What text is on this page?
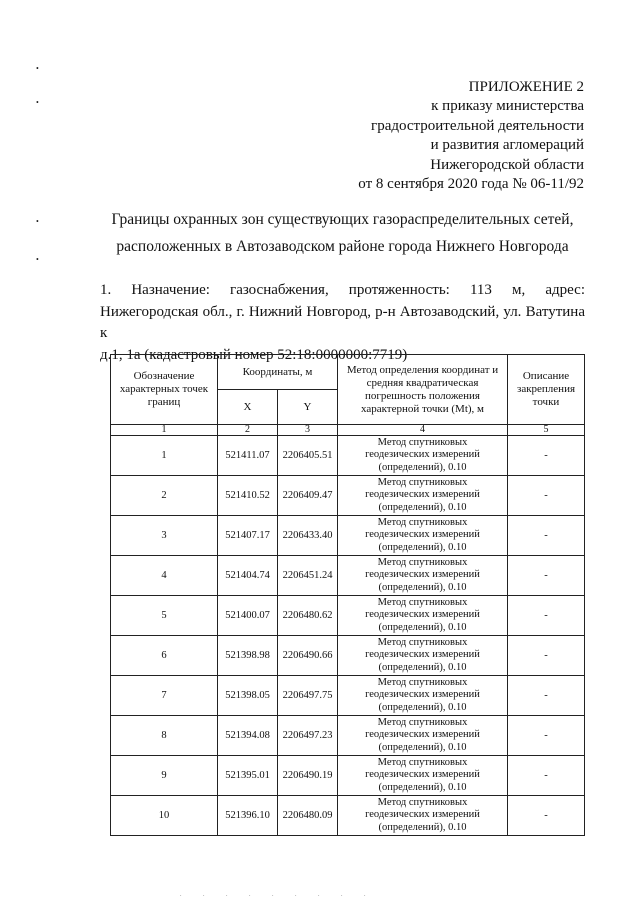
•
•
•
•
ПРИЛОЖЕНИЕ 2
к приказу министерства
градостроительной деятельности
и развития агломераций
Нижегородской области
от 8 сентября 2020 года № 06-11/92
Границы охранных зон существующих газораспределительных сетей,
расположенных в Автозаводском районе города Нижнего Новгорода
1. Назначение: газоснабжения, протяженность: 113 м, адрес:
Нижегородская обл., г. Нижний Новгород, р-н Автозаводский, ул. Ватутина к
д.1, 1а (кадастровый номер 52:18:0000000:7719)
Обозначение характерных точек границ	Координаты, м		Метод определения координат и средняя квадратическая погрешность положения характерной точки (Mt), м	Описание закрепления точки
	X	Y		
1	2	3	4	5
1	521411.07	2206405.51	Метод спутниковых
геодезических измерений
(определений), 0.10	-
2	521410.52	2206409.47	Метод спутниковых
геодезических измерений
(определений), 0.10	-
3	521407.17	2206433.40	Метод спутниковых
геодезических измерений
(определений), 0.10	-
4	521404.74	2206451.24	Метод спутниковых
геодезических измерений
(определений), 0.10	-
5	521400.07	2206480.62	Метод спутниковых
геодезических измерений
(определений), 0.10	-
6	521398.98	2206490.66	Метод спутниковых
геодезических измерений
(определений), 0.10	-
7	521398.05	2206497.75	Метод спутниковых
геодезических измерений
(определений), 0.10	-
8	521394.08	2206497.23	Метод спутниковых
геодезических измерений
(определений), 0.10	-
9	521395.01	2206490.19	Метод спутниковых
геодезических измерений
(определений), 0.10	-
10	521396.10	2206480.09	Метод спутниковых
геодезических измерений
(определений), 0.10	-
. . . . . . . . .
